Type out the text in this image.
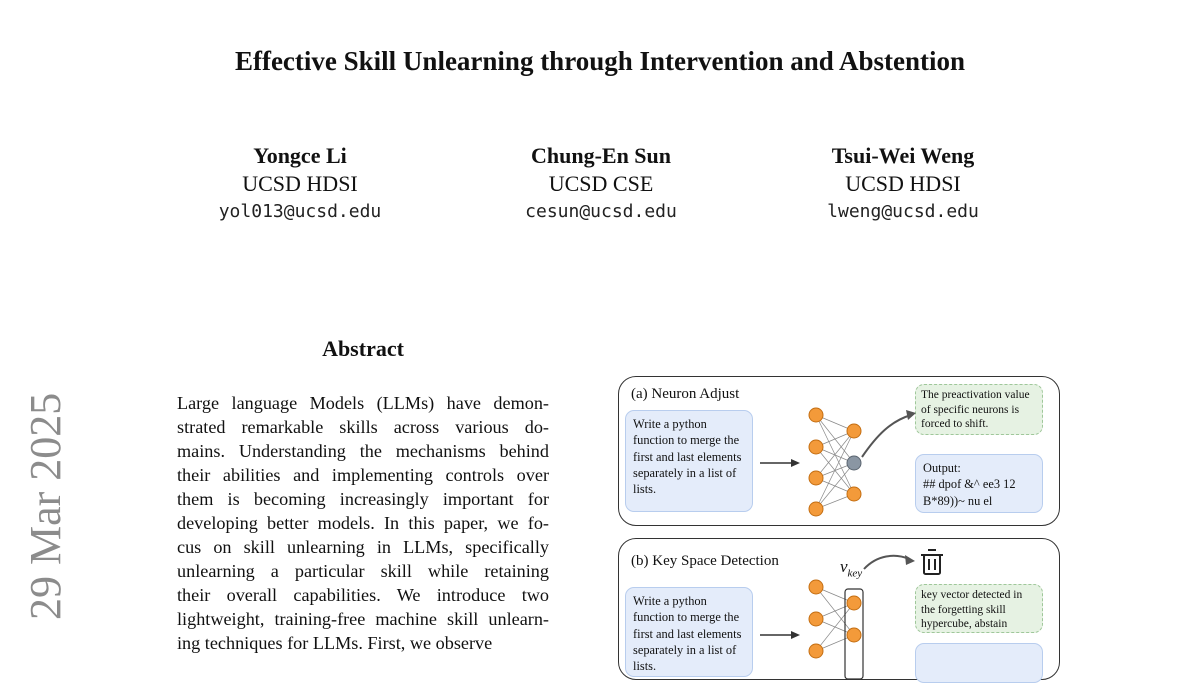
Effective Skill Unlearning through Intervention and Abstention
Yongce Li
UCSD HDSI
yol013@ucsd.edu
Chung-En Sun
UCSD CSE
cesun@ucsd.edu
Tsui-Wei Weng
UCSD HDSI
lweng@ucsd.edu
29 Mar 2025
Abstract
Large language Models (LLMs) have demon-
strated remarkable skills across various do-
mains. Understanding the mechanisms behind
their abilities and implementing controls over
them is becoming increasingly important for
developing better models. In this paper, we fo-
cus on skill unlearning in LLMs, specifically
unlearning a particular skill while retaining
their overall capabilities. We introduce two
lightweight, training-free machine skill unlearn-
ing techniques for LLMs. First, we observe
(a) Neuron Adjust
Write a python function to merge the first and last elements separately in a list of lists.
The preactivation value of specific neurons is forced to shift.
Output:
## dpof &^ ee3 12 B*89))~ nu el
(b) Key Space Detection
Write a python function to merge the first and last elements separately in a list of lists.
key vector detected in the forgetting skill hypercube, abstain
$v_{key}$
